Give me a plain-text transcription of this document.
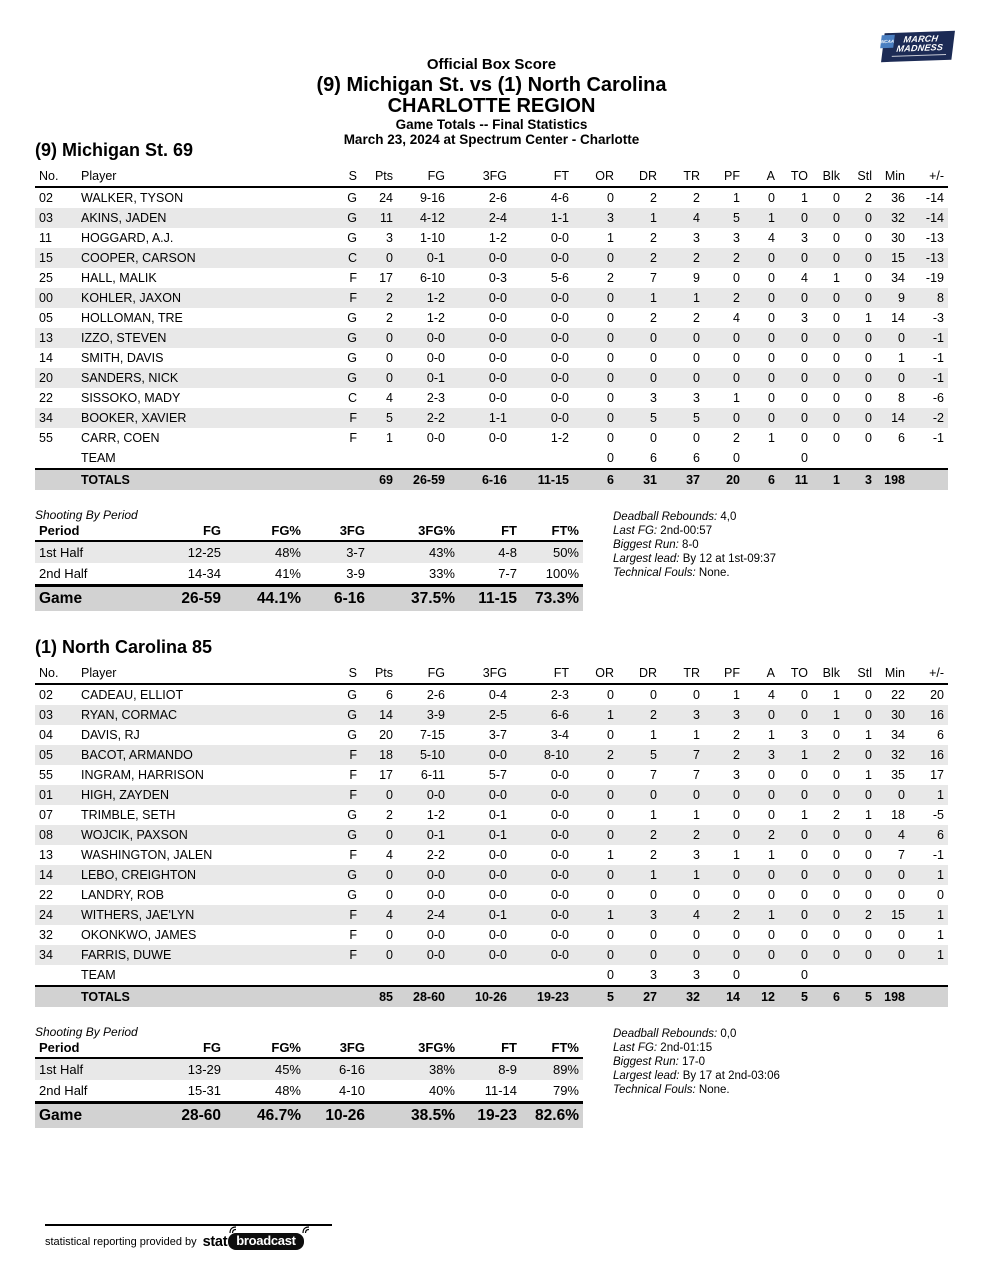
Official Box Score
(9) Michigan St. vs (1) North Carolina
CHARLOTTE REGION
Game Totals -- Final Statistics
March 23, 2024 at Spectrum Center - Charlotte
NCAA MARCH
MADNESS
(9) Michigan St. 69
No.	Player	S	Pts	FG	3FG	FT	OR	DR	TR	PF	A	TO	Blk	Stl	Min	+/-
02	WALKER, TYSON	G	24	9-16	2-6	4-6	0	2	2	1	0	1	0	2	36	-14
03	AKINS, JADEN	G	11	4-12	2-4	1-1	3	1	4	5	1	0	0	0	32	-14
11	HOGGARD, A.J.	G	3	1-10	1-2	0-0	1	2	3	3	4	3	0	0	30	-13
15	COOPER, CARSON	C	0	0-1	0-0	0-0	0	2	2	2	0	0	0	0	15	-13
25	HALL, MALIK	F	17	6-10	0-3	5-6	2	7	9	0	0	4	1	0	34	-19
00	KOHLER, JAXON	F	2	1-2	0-0	0-0	0	1	1	2	0	0	0	0	9	8
05	HOLLOMAN, TRE	G	2	1-2	0-0	0-0	0	2	2	4	0	3	0	1	14	-3
13	IZZO, STEVEN	G	0	0-0	0-0	0-0	0	0	0	0	0	0	0	0	0	-1
14	SMITH, DAVIS	G	0	0-0	0-0	0-0	0	0	0	0	0	0	0	0	1	-1
20	SANDERS, NICK	G	0	0-1	0-0	0-0	0	0	0	0	0	0	0	0	0	-1
22	SISSOKO, MADY	C	4	2-3	0-0	0-0	0	3	3	1	0	0	0	0	8	-6
34	BOOKER, XAVIER	F	5	2-2	1-1	0-0	0	5	5	0	0	0	0	0	14	-2
55	CARR, COEN	F	1	0-0	0-0	1-2	0	0	0	2	1	0	0	0	6	-1
	TEAM						0	6	6	0		0				
	TOTALS		69	26-59	6-16	11-15	6	31	37	20	6	11	1	3	198	
Shooting By Period
Period	FG	FG%	3FG	3FG%	FT	FT%
1st Half	12-25	48%	3-7	43%	4-8	50%
2nd Half	14-34	41%	3-9	33%	7-7	100%
Game	26-59	44.1%	6-16	37.5%	11-15	73.3%
Deadball Rebounds: 4,0
Last FG: 2nd-00:57
Biggest Run: 8-0
Largest lead: By 12 at 1st-09:37
Technical Fouls: None.
(1) North Carolina 85
No.	Player	S	Pts	FG	3FG	FT	OR	DR	TR	PF	A	TO	Blk	Stl	Min	+/-
02	CADEAU, ELLIOT	G	6	2-6	0-4	2-3	0	0	0	1	4	0	1	0	22	20
03	RYAN, CORMAC	G	14	3-9	2-5	6-6	1	2	3	3	0	0	1	0	30	16
04	DAVIS, RJ	G	20	7-15	3-7	3-4	0	1	1	2	1	3	0	1	34	6
05	BACOT, ARMANDO	F	18	5-10	0-0	8-10	2	5	7	2	3	1	2	0	32	16
55	INGRAM, HARRISON	F	17	6-11	5-7	0-0	0	7	7	3	0	0	0	1	35	17
01	HIGH, ZAYDEN	F	0	0-0	0-0	0-0	0	0	0	0	0	0	0	0	0	1
07	TRIMBLE, SETH	G	2	1-2	0-1	0-0	0	1	1	0	0	1	2	1	18	-5
08	WOJCIK, PAXSON	G	0	0-1	0-1	0-0	0	2	2	0	2	0	0	0	4	6
13	WASHINGTON, JALEN	F	4	2-2	0-0	0-0	1	2	3	1	1	0	0	0	7	-1
14	LEBO, CREIGHTON	G	0	0-0	0-0	0-0	0	1	1	0	0	0	0	0	0	1
22	LANDRY, ROB	G	0	0-0	0-0	0-0	0	0	0	0	0	0	0	0	0	0
24	WITHERS, JAE'LYN	F	4	2-4	0-1	0-0	1	3	4	2	1	0	0	2	15	1
32	OKONKWO, JAMES	F	0	0-0	0-0	0-0	0	0	0	0	0	0	0	0	0	1
34	FARRIS, DUWE	F	0	0-0	0-0	0-0	0	0	0	0	0	0	0	0	0	1
	TEAM						0	3	3	0		0				
	TOTALS		85	28-60	10-26	19-23	5	27	32	14	12	5	6	5	198	
Shooting By Period
Period	FG	FG%	3FG	3FG%	FT	FT%
1st Half	13-29	45%	6-16	38%	8-9	89%
2nd Half	15-31	48%	4-10	40%	11-14	79%
Game	28-60	46.7%	10-26	38.5%	19-23	82.6%
Deadball Rebounds: 0,0
Last FG: 2nd-01:15
Biggest Run: 17-0
Largest lead: By 17 at 2nd-03:06
Technical Fouls: None.
statistical reporting provided by stat broadcast
